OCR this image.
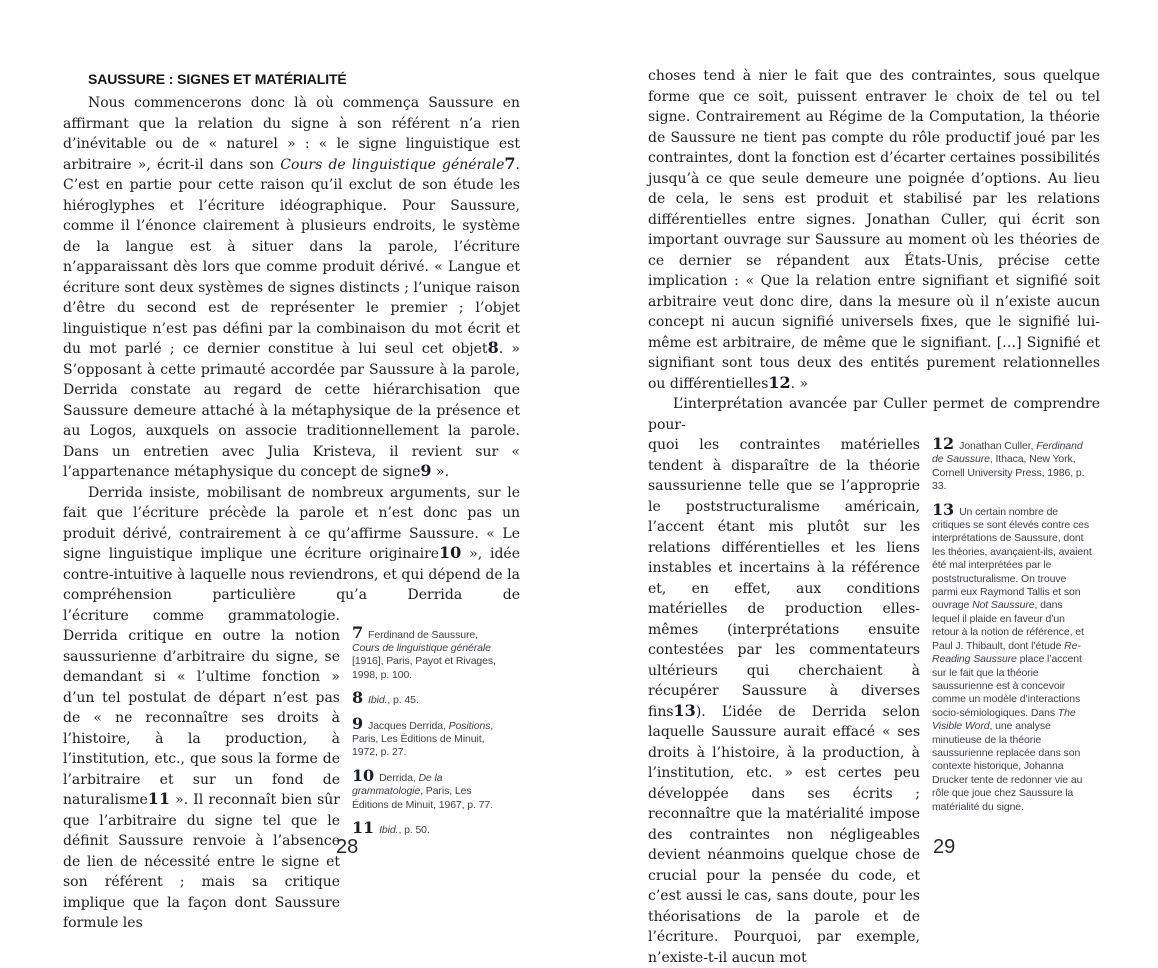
SAUSSURE : SIGNES ET MATÉRIALITÉ

Nous commencerons donc là où commença Saussure en affirmant que la relation du signe à son référent n’a rien d’inévitable ou de « naturel » : « le signe linguistique est arbitraire », écrit-il dans son Cours de linguistique générale7. C’est en partie pour cette raison qu’il exclut de son étude les hiéroglyphes et l’écriture idéographique. Pour Saussure, comme il l’énonce clairement à plusieurs endroits, le système de la langue est à situer dans la parole, l’écriture n’apparaissant dès lors que comme produit dérivé. « Langue et écriture sont deux systèmes de signes distincts ; l’unique raison d’être du second est de représenter le premier ; l’objet linguistique n’est pas défini par la combinaison du mot écrit et du mot parlé ; ce dernier constitue à lui seul cet objet8. » S’opposant à cette primauté accordée par Saussure à la parole, Derrida constate au regard de cette hiérarchisation que Saussure demeure attaché à la métaphysique de la présence et au Logos, auxquels on associe traditionnellement la parole. Dans un entretien avec Julia Kristeva, il revient sur « l’appartenance métaphysique du concept de signe9 ».

Derrida insiste, mobilisant de nombreux arguments, sur le fait que l’écriture précède la parole et n’est donc pas un produit dérivé, contrairement à ce qu’affirme Saussure. « Le signe linguistique implique une écriture originaire10 », idée contre-intuitive à laquelle nous reviendrons, et qui dépend de la compréhension particulière qu’a Derrida de

l’écriture comme grammatologie. Derrida critique en outre la notion saussurienne d’arbitraire du signe, se demandant si « l’ultime fonction » d’un tel postulat de départ n’est pas de « ne reconnaître ses droits à l’histoire, à la production, à l’institution, etc., que sous la forme de l’arbitraire et sur un fond de naturalisme11 ». Il reconnaît bien sûr que l’arbitraire du signe tel que le définit Saussure renvoie à l’absence de lien de nécessité entre le signe et son référent ; mais sa critique implique que la façon dont Saussure formule les

7 Ferdinand de Saussure, Cours de linguistique générale [1916], Paris, Payot et Rivages, 1998, p. 100.
8 Ibid., p. 45.
9 Jacques Derrida, Positions, Paris, Les Éditions de Minuit, 1972, p. 27.
10 Derrida, De la grammatologie, Paris, Les Éditions de Minuit, 1967, p. 77.
11 Ibid., p. 50.

choses tend à nier le fait que des contraintes, sous quelque forme que ce soit, puissent entraver le choix de tel ou tel signe. Contrairement au Régime de la Computation, la théorie de Saussure ne tient pas compte du rôle productif joué par les contraintes, dont la fonction est d’écarter certaines possibilités jusqu’à ce que seule demeure une poignée d’options. Au lieu de cela, le sens est produit et stabilisé par les relations différentielles entre signes. Jonathan Culler, qui écrit son important ouvrage sur Saussure au moment où les théories de ce dernier se répandent aux États-Unis, précise cette implication : « Que la relation entre signifiant et signifié soit arbitraire veut donc dire, dans la mesure où il n’existe aucun concept ni aucun signifié universels fixes, que le signifié lui-même est arbitraire, de même que le signifiant. […] Signifié et signifiant sont tous deux des entités purement relationnelles ou différentielles12. »

L’interprétation avancée par Culler permet de comprendre pour-

quoi les contraintes matérielles tendent à disparaître de la théorie saussurienne telle que se l’approprie le poststructuralisme américain, l’accent étant mis plutôt sur les relations différentielles et les liens instables et incertains à la référence et, en effet, aux conditions matérielles de production elles-mêmes (interprétations ensuite contestées par les commentateurs ultérieurs qui cherchaient à récupérer Saussure à diverses fins13). L’idée de Derrida selon laquelle Saussure aurait effacé « ses droits à l’histoire, à la production, à l’institution, etc. » est certes peu développée dans ses écrits ; reconnaître que la matérialité impose des contraintes non négligeables devient néanmoins quelque chose de crucial pour la pensée du code, et c’est aussi le cas, sans doute, pour les théorisations de la parole et de l’écriture. Pourquoi, par exemple, n’existe-t-il aucun mot

12 Jonathan Culler, Ferdinand de Saussure, Ithaca, New York, Cornell University Press, 1986, p. 33.
13 Un certain nombre de critiques se sont élevés contre ces interprétations de Saussure, dont les théories, avançaient-ils, avaient été mal interprétées par le poststructuralisme. On trouve parmi eux Raymond Tallis et son ouvrage Not Saussure, dans lequel il plaide en faveur d’un retour à la notion de référence, et Paul J. Thibault, dont l’étude Re-Reading Saussure place l’accent sur le fait que la théorie saussurienne est à concevoir comme un modèle d’interactions socio-sémiologiques. Dans The Visible Word, une analyse minutieuse de la théorie saussurienne replacée dans son contexte historique, Johanna Drucker tente de redonner vie au rôle que joue chez Saussure la matérialité du signe.
28	29
